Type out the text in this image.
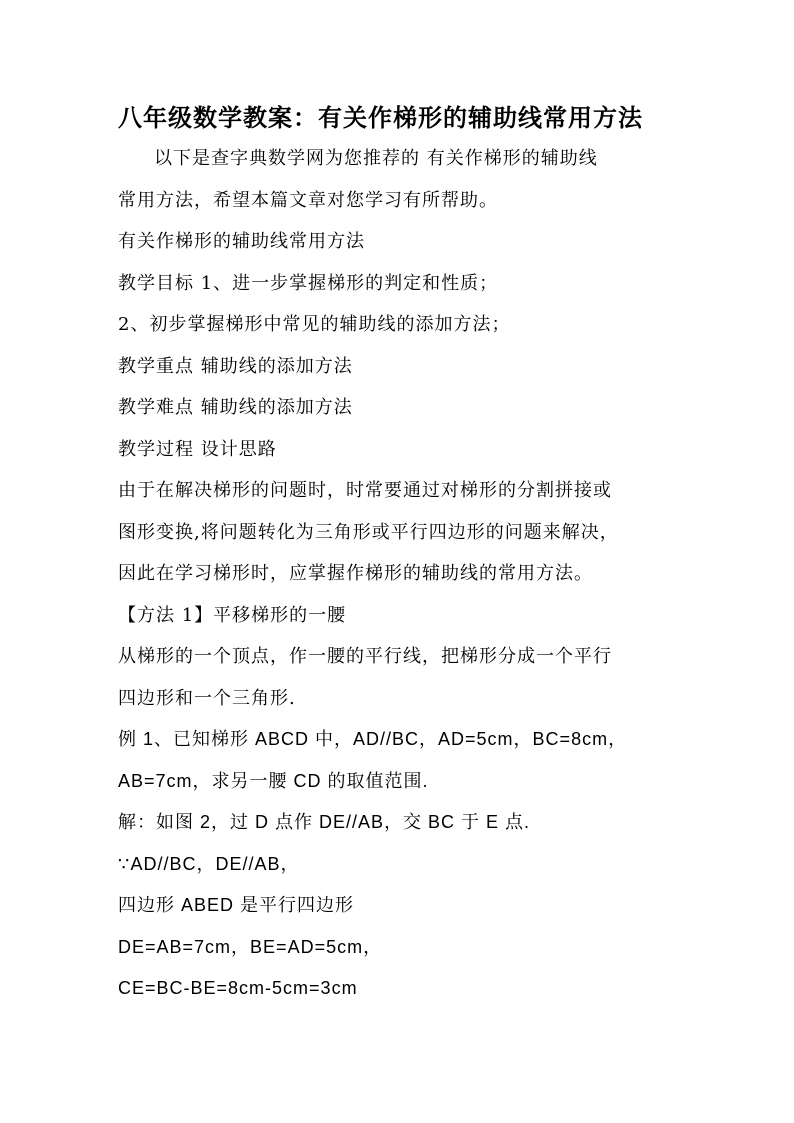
八年级数学教案：有关作梯形的辅助线常用方法
以下是查字典数学网为您推荐的 有关作梯形的辅助线
常用方法，希望本篇文章对您学习有所帮助。
有关作梯形的辅助线常用方法
教学目标 1、进一步掌握梯形的判定和性质；
2、初步掌握梯形中常见的辅助线的添加方法；
教学重点 辅助线的添加方法
教学难点 辅助线的添加方法
教学过程 设计思路
由于在解决梯形的问题时，时常要通过对梯形的分割拼接或
图形变换,将问题转化为三角形或平行四边形的问题来解决，
因此在学习梯形时，应掌握作梯形的辅助线的常用方法。
【方法 1】平移梯形的一腰
从梯形的一个顶点，作一腰的平行线，把梯形分成一个平行
四边形和一个三角形.
例 1、已知梯形 ABCD 中，AD//BC，AD=5cm，BC=8cm，
AB=7cm，求另一腰 CD 的取值范围.
解：如图 2，过 D 点作 DE//AB，交 BC 于 E 点.
∵AD//BC，DE//AB，
四边形 ABED 是平行四边形
DE=AB=7cm，BE=AD=5cm，
CE=BC-BE=8cm-5cm=3cm
